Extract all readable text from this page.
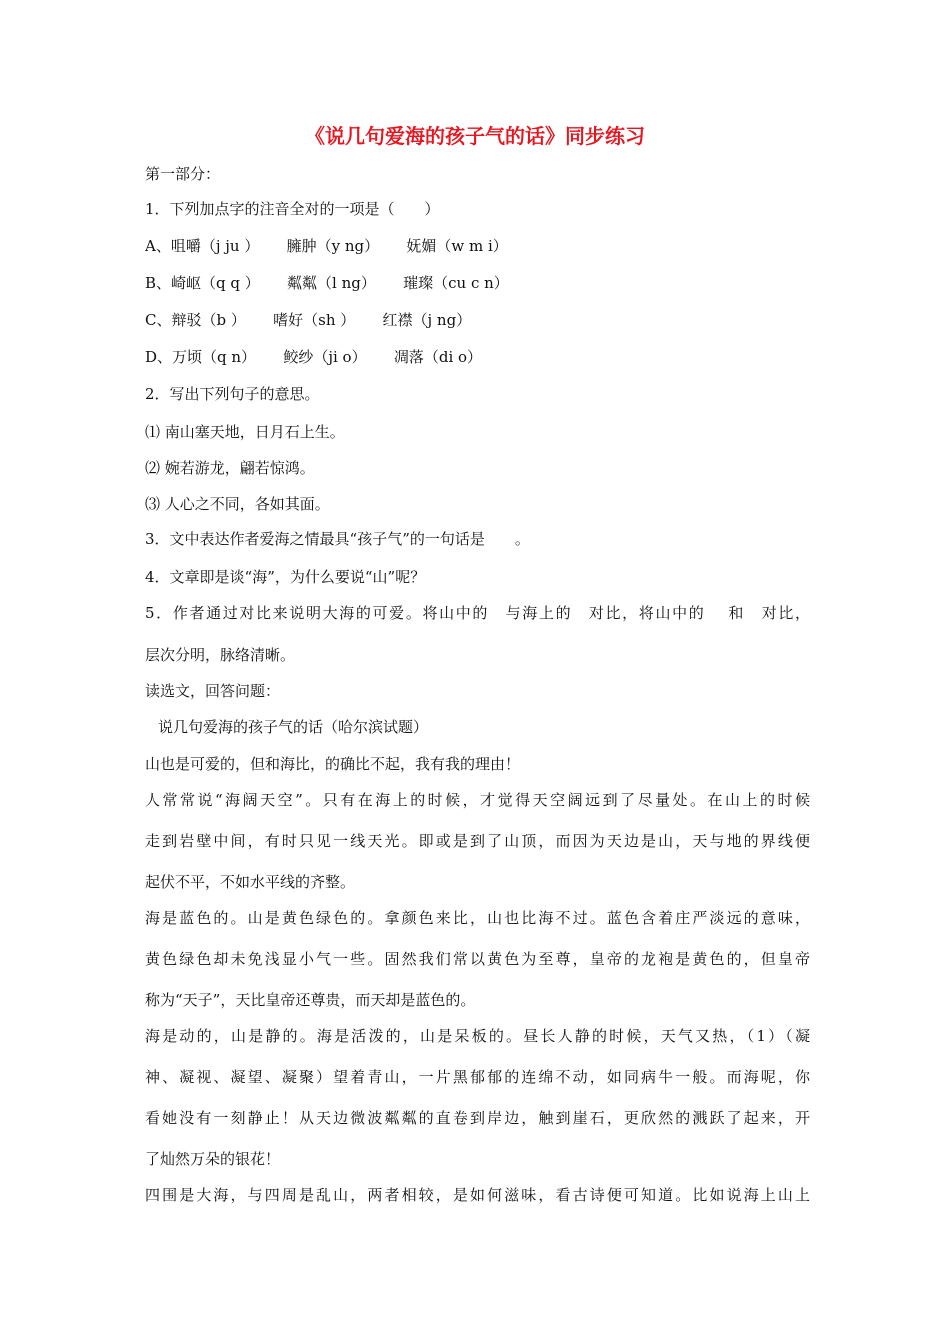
《说几句爱海的孩子气的话》同步练习
第一部分：
1．下列加点字的注音全对的一项是（　　）
A、咀嚼（j ju ）　　 臃肿（y ng）　　 妩媚（w m i）
B、崎岖（q q ）　　 粼粼（l ng）　　 璀璨（cu c n）
C、辩驳（b ）　　 嗜好（sh ）　　 红襟（j ng）
D、万顷（q n）　　 鲛纱（ji o）　　 凋落（di o）
2．写出下列句子的意思。
⑴ 南山塞天地，日月石上生。
⑵ 婉若游龙，翩若惊鸿。
⑶ 人心之不同，各如其面。
3．文中表达作者爱海之情最具“孩子气”的一句话是　　。
4．文章即是谈“海”，为什么要说“山”呢？
5．作者通过对比来说明大海的可爱。将山中的　与海上的　对比，将山中的　 和　对比，
层次分明，脉络清晰。
读选文，回答问题：
说几句爱海的孩子气的话（哈尔滨试题）
山也是可爱的，但和海比，的确比不起，我有我的理由！
人常常说“海阔天空”。只有在海上的时候，才觉得天空阔远到了尽量处。在山上的时候
走到岩壁中间，有时只见一线天光。即或是到了山顶，而因为天边是山，天与地的界线便
起伏不平，不如水平线的齐整。
海是蓝色的。山是黄色绿色的。拿颜色来比，山也比海不过。蓝色含着庄严淡远的意味，
黄色绿色却未免浅显小气一些。固然我们常以黄色为至尊，皇帝的龙袍是黄色的，但皇帝
称为“天子”，天比皇帝还尊贵，而天却是蓝色的。
海是动的，山是静的。海是活泼的，山是呆板的。昼长人静的时候，天气又热，（1）（凝
神、凝视、凝望、凝聚）望着青山，一片黑郁郁的连绵不动，如同病牛一般。而海呢，你
看她没有一刻静止！从天边微波粼粼的直卷到岸边，触到崖石，更欣然的溅跃了起来，开
了灿然万朵的银花！
四围是大海，与四周是乱山，两者相较，是如何滋味，看古诗便可知道。比如说海上山上
